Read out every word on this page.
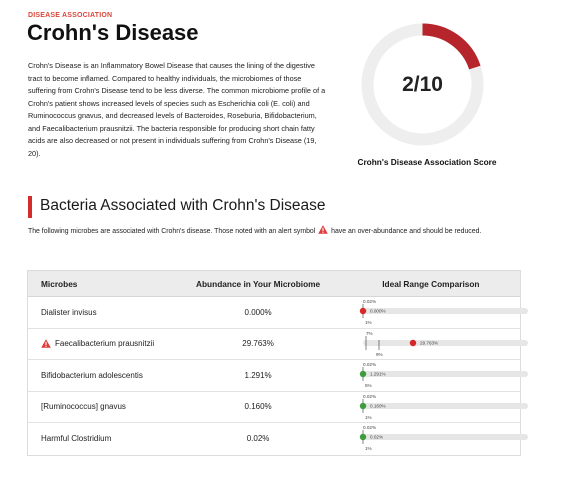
DISEASE ASSOCIATION
Crohn's Disease
Crohn's Disease is an Inflammatory Bowel Disease that causes the lining of the digestive tract to become inflamed. Compared to healthy individuals, the microbiomes of those suffering from Crohn's Disease tend to be less diverse. The common microbiome profile of a Crohn's patient shows increased levels of species such as Escherichia coli (E. coli) and Ruminococcus gnavus, and decreased levels of Bacteroides, Roseburia, Bifidobacterium, and Faecalibacterium prausnitzii. The bacteria responsible for producing short chain fatty acids are also decreased or not present in individuals suffering from Crohn's Disease (19, 20).
2/10
Crohn's Disease Association Score
Bacteria Associated with Crohn's Disease
The following microbes are associated with Crohn's disease. Those noted with an alert symbol have an over-abundance and should be reduced.
Microbes	Abundance in Your Microbiome	Ideal Range Comparison
Dialister invisus	0.000%
0.02%
1%
0.000%
Faecalibacterium prausnitzii	29.763%
7%
9%
29.763%
Bifidobacterium adolescentis	1.291%
0.02%
5%
1.291%
[Ruminococcus] gnavus	0.160%
0.02%
1%
0.160%
Harmful Clostridium	0.02%
0.02%
1%
0.02%
